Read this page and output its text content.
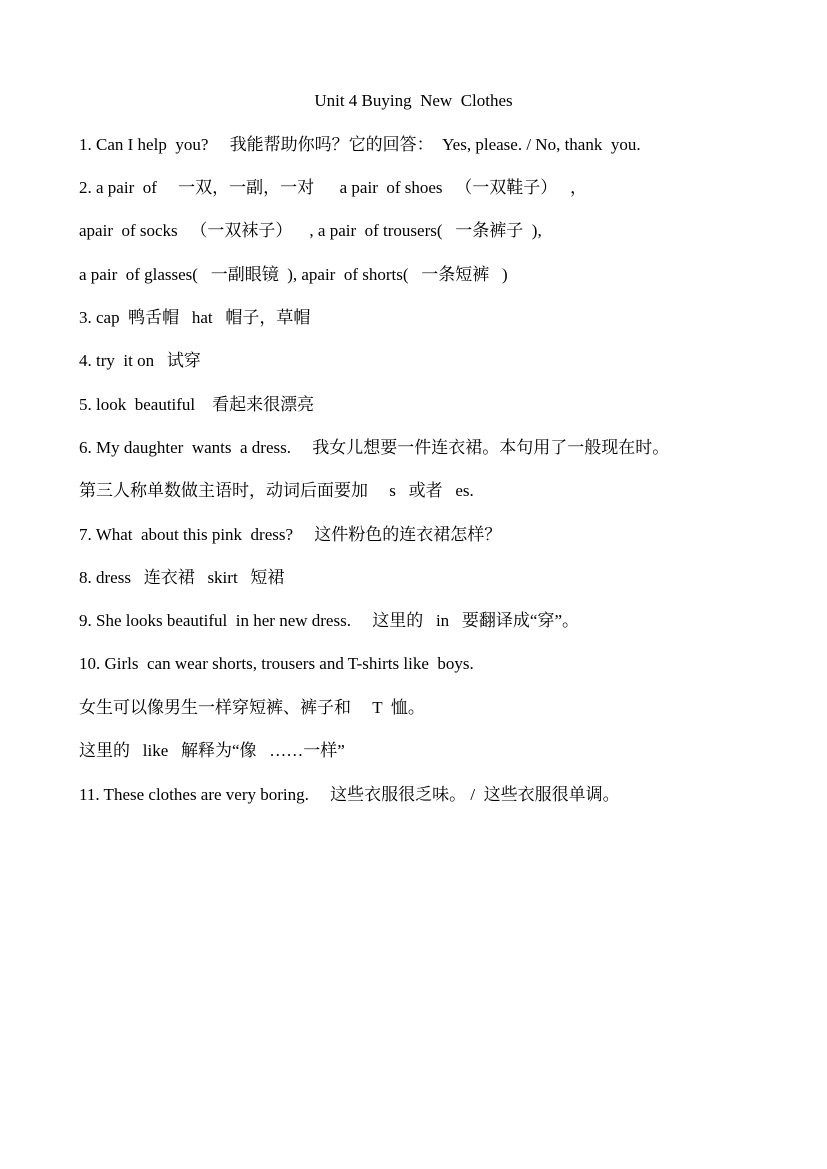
Unit 4 Buying  New  Clothes
1. Can I help  you?     我能帮助你吗？它的回答：  Yes, please. / No, thank  you.
2. a pair  of     一双，一副，一对      a pair  of shoes   （一双鞋子）   ，
apair  of socks   （一双袜子）    , a pair  of trousers(   一条裤子  ),
a pair  of glasses(   一副眼镜  ), apair  of shorts(   一条短裤   )
3. cap  鸭舌帽   hat   帽子，草帽
4. try  it on   试穿
5. look  beautiful    看起来很漂亮
6. My daughter  wants  a dress.     我女儿想要一件连衣裙。本句用了一般现在时。
第三人称单数做主语时，动词后面要加     s   或者   es.
7. What  about this pink  dress?     这件粉色的连衣裙怎样？
8. dress   连衣裙   skirt   短裙
9. She looks beautiful  in her new dress.     这里的   in   要翻译成“穿”。
10. Girls  can wear shorts, trousers and T-shirts like  boys.
女生可以像男生一样穿短裤、裤子和     T  恤。
这里的   like   解释为“像   ……一样”
11. These clothes are very boring.     这些衣服很乏味。 /  这些衣服很单调。
